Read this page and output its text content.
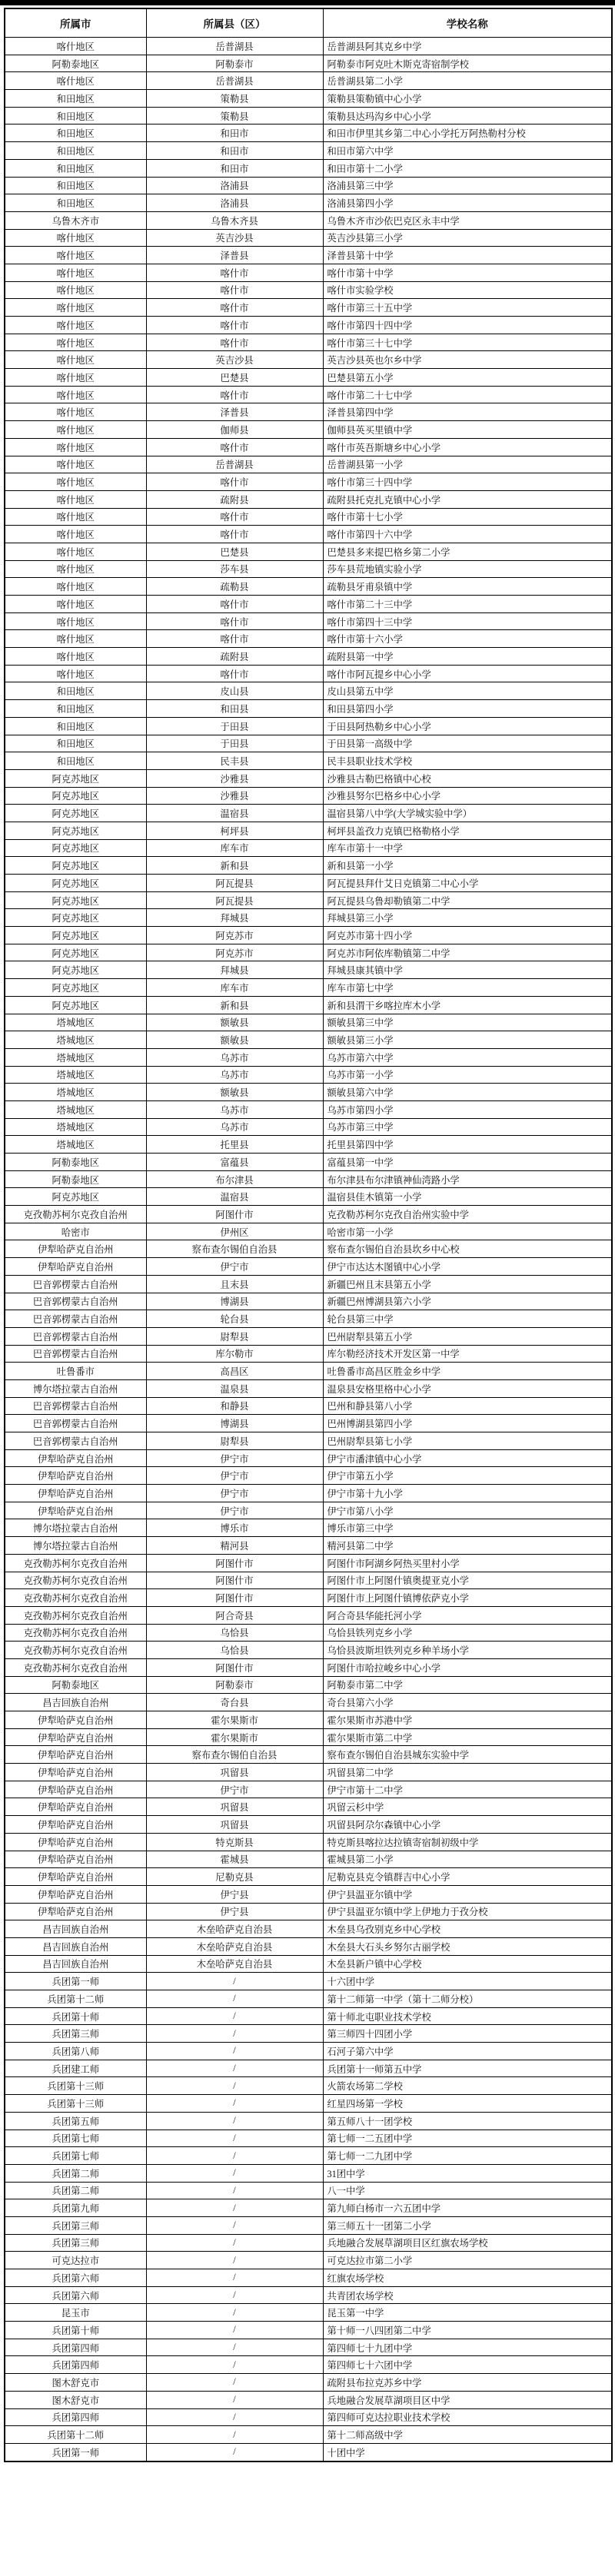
所属市	所属县（区）	学校名称
喀什地区	岳普湖县	岳普湖县阿其克乡中学
阿勒泰地区	阿勒泰市	阿勒泰市阿克吐木斯克寄宿制学校
喀什地区	岳普湖县	岳普湖县第二小学
和田地区	策勒县	策勒县策勒镇中心小学
和田地区	策勒县	策勒县达玛沟乡中心小学
和田地区	和田市	和田市伊里其乡第二中心小学托万阿热勒村分校
和田地区	和田市	和田市第六中学
和田地区	和田市	和田市第十二小学
和田地区	洛浦县	洛浦县第三中学
和田地区	洛浦县	洛浦县第四小学
乌鲁木齐市	乌鲁木齐县	乌鲁木齐市沙依巴克区永丰中学
喀什地区	英吉沙县	英吉沙县第三小学
喀什地区	泽普县	泽普县第十中学
喀什地区	喀什市	喀什市第十中学
喀什地区	喀什市	喀什市实验学校
喀什地区	喀什市	喀什市第三十五中学
喀什地区	喀什市	喀什市第四十四中学
喀什地区	喀什市	喀什市第三十七中学
喀什地区	英吉沙县	英吉沙县英也尔乡中学
喀什地区	巴楚县	巴楚县第五小学
喀什地区	喀什市	喀什市第二十七中学
喀什地区	泽普县	泽普县第四中学
喀什地区	伽师县	伽师县英买里镇中学
喀什地区	喀什市	喀什市英吾斯塘乡中心小学
喀什地区	岳普湖县	岳普湖县第一小学
喀什地区	喀什市	喀什市第三十四中学
喀什地区	疏附县	疏附县托克扎克镇中心小学
喀什地区	喀什市	喀什市第十七小学
喀什地区	喀什市	喀什市第四十六中学
喀什地区	巴楚县	巴楚县多来提巴格乡第二小学
喀什地区	莎车县	莎车县荒地镇实验小学
喀什地区	疏勒县	疏勒县牙甫泉镇中学
喀什地区	喀什市	喀什市第二十三中学
喀什地区	喀什市	喀什市第四十三中学
喀什地区	喀什市	喀什市第十六小学
喀什地区	疏附县	疏附县第一中学
喀什地区	喀什市	喀什市阿瓦提乡中心小学
和田地区	皮山县	皮山县第五中学
和田地区	和田县	和田县第四小学
和田地区	于田县	于田县阿热勒乡中心小学
和田地区	于田县	于田县第一高级中学
和田地区	民丰县	民丰县职业技术学校
阿克苏地区	沙雅县	沙雅县古勒巴格镇中心校
阿克苏地区	沙雅县	沙雅县努尔巴格乡中心小学
阿克苏地区	温宿县	温宿县第八中学(大学城实验中学）
阿克苏地区	柯坪县	柯坪县盖孜力克镇巴格勒格小学
阿克苏地区	库车市	库车市第十一中学
阿克苏地区	新和县	新和县第一小学
阿克苏地区	阿瓦提县	阿瓦提县拜什艾日克镇第二中心小学
阿克苏地区	阿瓦提县	阿瓦提县乌鲁却勒镇第二中学
阿克苏地区	拜城县	拜城县第三小学
阿克苏地区	阿克苏市	阿克苏市第十四小学
阿克苏地区	阿克苏市	阿克苏市阿依库勒镇第二中学
阿克苏地区	拜城县	拜城县康其镇中学
阿克苏地区	库车市	库车市第七中学
阿克苏地区	新和县	新和县渭干乡喀拉库木小学
塔城地区	额敏县	额敏县第三中学
塔城地区	额敏县	额敏县第三小学
塔城地区	乌苏市	乌苏市第六中学
塔城地区	乌苏市	乌苏市第一小学
塔城地区	额敏县	额敏县第六中学
塔城地区	乌苏市	乌苏市第四小学
塔城地区	乌苏市	乌苏市第三中学
塔城地区	托里县	托里县第四中学
阿勒泰地区	富蕴县	富蕴县第一中学
阿勒泰地区	布尔津县	布尔津县布尔津镇神仙湾路小学
阿克苏地区	温宿县	温宿县佳木镇第一小学
克孜勒苏柯尔克孜自治州	阿图什市	克孜勒苏柯尔克孜自治州实验中学
哈密市	伊州区	哈密市第一小学
伊犁哈萨克自治州	察布查尔锡伯自治县	察布查尔锡伯自治县坎乡中心校
伊犁哈萨克自治州	伊宁市	伊宁市达达木图镇中心小学
巴音郭楞蒙古自治州	且末县	新疆巴州且末县第五小学
巴音郭楞蒙古自治州	博湖县	新疆巴州博湖县第六小学
巴音郭楞蒙古自治州	轮台县	轮台县第三中学
巴音郭楞蒙古自治州	尉犁县	巴州尉犁县第五小学
巴音郭楞蒙古自治州	库尔勒市	库尔勒经济技术开发区第一中学
吐鲁番市	高昌区	吐鲁番市高昌区胜金乡中学
博尔塔拉蒙古自治州	温泉县	温泉县安格里格中心小学
巴音郭楞蒙古自治州	和静县	巴州和静县第八小学
巴音郭楞蒙古自治州	博湖县	巴州博湖县第四小学
巴音郭楞蒙古自治州	尉犁县	巴州尉犁县第七小学
伊犁哈萨克自治州	伊宁市	伊宁市潘津镇中心小学
伊犁哈萨克自治州	伊宁市	伊宁市第五小学
伊犁哈萨克自治州	伊宁市	伊宁市第十九小学
伊犁哈萨克自治州	伊宁市	伊宁市第八小学
博尔塔拉蒙古自治州	博乐市	博乐市第三中学
博尔塔拉蒙古自治州	精河县	精河县第二中学
克孜勒苏柯尔克孜自治州	阿图什市	阿图什市阿湖乡阿热买里村小学
克孜勒苏柯尔克孜自治州	阿图什市	阿图什市上阿图什镇奥提亚克小学
克孜勒苏柯尔克孜自治州	阿图什市	阿图什市上阿图什镇博依萨克小学
克孜勒苏柯尔克孜自治州	阿合奇县	阿合奇县华能托河小学
克孜勒苏柯尔克孜自治州	乌恰县	乌恰县铁列克乡小学
克孜勒苏柯尔克孜自治州	乌恰县	乌恰县波斯坦铁列克乡种羊场小学
克孜勒苏柯尔克孜自治州	阿图什市	阿图什市哈拉峻乡中心小学
阿勒泰地区	阿勒泰市	阿勒泰市第二中学
昌吉回族自治州	奇台县	奇台县第六小学
伊犁哈萨克自治州	霍尔果斯市	霍尔果斯市苏港中学
伊犁哈萨克自治州	霍尔果斯市	霍尔果斯市第二中学
伊犁哈萨克自治州	察布查尔锡伯自治县	察布查尔锡伯自治县城东实验中学
伊犁哈萨克自治州	巩留县	巩留县第二中学
伊犁哈萨克自治州	伊宁市	伊宁市第十二中学
伊犁哈萨克自治州	巩留县	巩留云杉中学
伊犁哈萨克自治州	巩留县	巩留县阿尕尔森镇中心小学
伊犁哈萨克自治州	特克斯县	特克斯县喀拉达拉镇寄宿制初级中学
伊犁哈萨克自治州	霍城县	霍城县第二小学
伊犁哈萨克自治州	尼勒克县	尼勒克县克令镇群吉中心小学
伊犁哈萨克自治州	伊宁县	伊宁县温亚尔镇中学
伊犁哈萨克自治州	伊宁县	伊宁县温亚尔镇中学上伊地力于孜分校
昌吉回族自治州	木垒哈萨克自治县	木垒县乌孜别克乡中心学校
昌吉回族自治州	木垒哈萨克自治县	木垒县大石头乡努尔古丽学校
昌吉回族自治州	木垒哈萨克自治县	木垒县新户镇中心学校
兵团第一师	/	十六团中学
兵团第十二师	/	第十二师第一中学（第十二师分校）
兵团第十师	/	第十师北屯职业技术学校
兵团第三师	/	第三师四十四团小学
兵团第八师	/	石河子第六中学
兵团建工师	/	兵团第十一师第五中学
兵团第十三师	/	火箭农场第二学校
兵团第十三师	/	红星四场第一学校
兵团第五师	/	第五师八十一团学校
兵团第七师	/	第七师一二五团中学
兵团第七师	/	第七师一二九团中学
兵团第二师	/	31团中学
兵团第二师	/	八一中学
兵团第九师	/	第九师白杨市一六五团中学
兵团第三师	/	第三师五十一团第二小学
兵团第三师	/	兵地融合发展草湖项目区红旗农场学校
可克达拉市	/	可克达拉市第二小学
兵团第六师	/	红旗农场学校
兵团第六师	/	共青团农场学校
昆玉市	/	昆玉第一中学
兵团第十师	/	第十师一八四团第二中学
兵团第四师	/	第四师七十九团中学
兵团第四师	/	第四师七十六团中学
图木舒克市	/	疏附县布拉克苏乡中学
图木舒克市	/	兵地融合发展草湖项目区中学
兵团第四师	/	第四师可克达拉职业技术学校
兵团第十二师	/	第十二师高级中学
兵团第一师	/	十团中学
